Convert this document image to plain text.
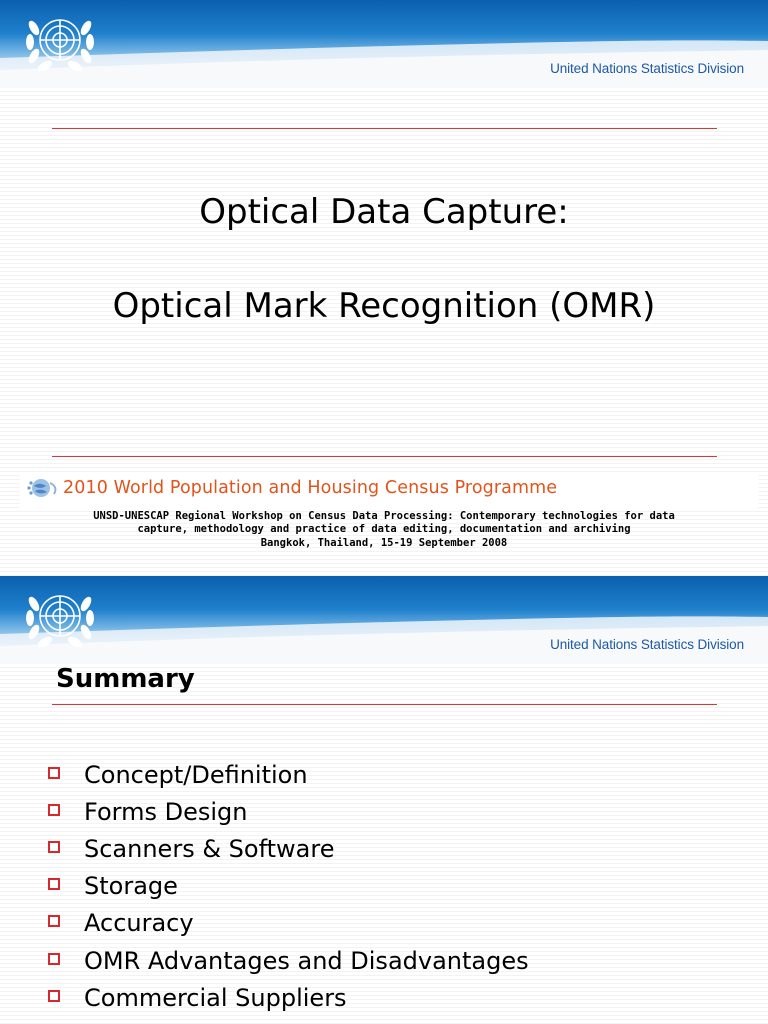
United Nations Statistics Division
Optical Data Capture:
Optical Mark Recognition (OMR)
2010 World Population and Housing Census Programme
UNSD-UNESCAP Regional Workshop on Census Data Processing: Contemporary technologies for data
capture, methodology and practice of data editing, documentation and archiving
Bangkok, Thailand, 15-19 September 2008
United Nations Statistics Division
Summary
Concept/Definition
Forms Design
Scanners & Software
Storage
Accuracy
OMR Advantages and Disadvantages
Commercial Suppliers
